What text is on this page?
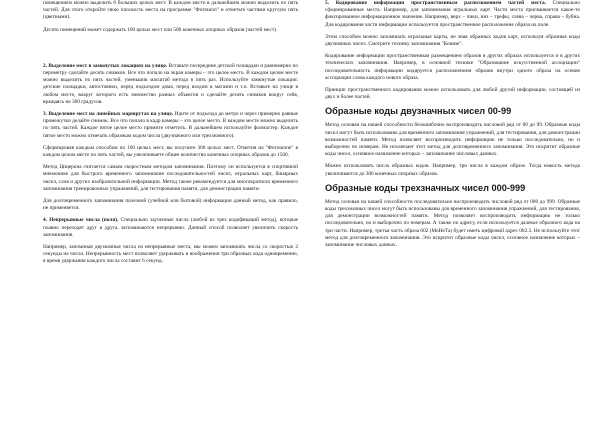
помещением можно выделить 6 больших целых мест. В каждом месте в дальнейшем можно выделить по пять частей. Для этого откройте свою плоскость места на программе "Фотошоп" и отметьте частями круглую пять (цветными).

Десять помещений может содержать 100 целых мест или 500 конечных опорных образов (частей мест).

2. Выделение мест в замкнутых локациях на улице. Вставьте посередине детской площадки и равномерно по периметру сделайте десять снимков. Все что попало на экран камеры – это целое место. В каждом целом месте можно выделить по пять частей, уменьшив масштаб метода в пять раз. Используйте замкнутые локации: детские площадки, автостоянки, перед подъездом дома, перед входом в магазин и т.п. Вставьте на улице в любом месте, вокруг которого есть множество разных объектов и сделайте десять снимков вокруг себя, вращаясь на 360 градусов.

3. Выделение мест на линейных маршрутах на улице. Идите от подъезда до метро и через примерно равные промежутки делайте снимок. Все что попало в кадр камеры – это целое место. В каждом месте можно выделить по пять частей. Каждое пятое целое место примите отметить. В дальнейшем используйте фломастер. Каждое пятое место можно отмечать образным кодом числа (двузначного или трехзначного).

Сформировав каждым способом по 100 целых мест, вы получите 300 целых мест. Отметив на "Фотошопе" в каждом целом месте по пять частей, вы увеличиваете общее количество конечных опорных образов до 1500.

Метод Цицерона считается самым скоростным методом запоминания. Поэтому он используется в спортивной мнемонике для быстрого временного запоминания последовательностей чисел, игральных карт, бинарных чисел, слов и других изобразительной информации. Метод также рекомендуется для многократного временного запоминания тренировочных упражнений, для тестирования памяти, для демонстрации памяти.

Для долговременного запоминания полезной (учебной или бытовой) информации данный метод, как правило, не применяется.

4. Непрерывные числа (поля). Специально заученные числа (любой из трех кодификаций метод), которые плавно переходят друг в друга, вспоминаются непрерывно. Данный способ позволяет увеличить скорость запоминания.

Например, запоминая двузначные числа из непрерывные места, мы можем запоминать числа со скоростью 2 секунды на число. Непрерывность мест позволяет удерживать в воображении три образных кода одновременно, в время удержания каждого числа составит 6 секунд.

5. Кодирование информации пространственным расположением частей места. Специально сформированные места. Например, для запоминания игральных карт. Части места присваивается какое-то фиксированное информационное значение. Например, верх – пики, низ – трефы, слева – черва, справа – бубна. Для кодирования части информации используется пространственное расположение образа на поле.

Этим способом можно запоминать игральные карты, не зная образных кодов карт, используя образные коды двузначных чисел. Смотрите технику запоминания "Конязе".

Кодирование информации пространственным размещением образов в других образах используется и в других технических запоминания. Например, в основной технике "Образование искусственной ассоциации" последовательность информации кодируется расположением образов внутри одного образа на основе ассоциации слова каждого нового образа.

Принцип пространственного кодирования можно использовать для любой другой информации, состоящей из двух и более частей.

Образные коды двузначных чисел 00-99

Метод основан на нашей способности безошибочно воспроизводить числовой ряд от 00 до 99. Образные коды чисел могут быть использованы для временного запоминания упражнений, для тестирования, для демонстрации возможностей памяти. Метод позволяет воспроизводить информацию не только последовательно, но и выборочно по номерам. Не исключает этот метод для долговременного запоминания. Это искритит образные коды чисел, основное назначение которых – запоминание числовых данных.

Можно использовать числа образных кодов. Например, три числа в каждом образе. Тогда емкость метода увеличивается до 300 конечных опорных образов.

Образные коды трехзначных чисел 000-999

Метод основан на нашей способности последовательно воспроизводить числовой ряд от 000 до 999. Образные коды трехзначных чисел могут быть использованы для временного запоминания упражнений, для тестирования, для демонстрации возможностей памяти. Метод позволяет воспроизводить информацию не только последовательно, но и выборочно по номерам. А также по адресу, если используется далекое образного кода на три части. Например, третья часть образа 002 (МоНеТа) будет иметь цифровой адрес 002.3. Не используйте этот метод для долговременного запоминания. Это искритит образные коды чисел, основное назначение которых – запоминание числовых данных.
